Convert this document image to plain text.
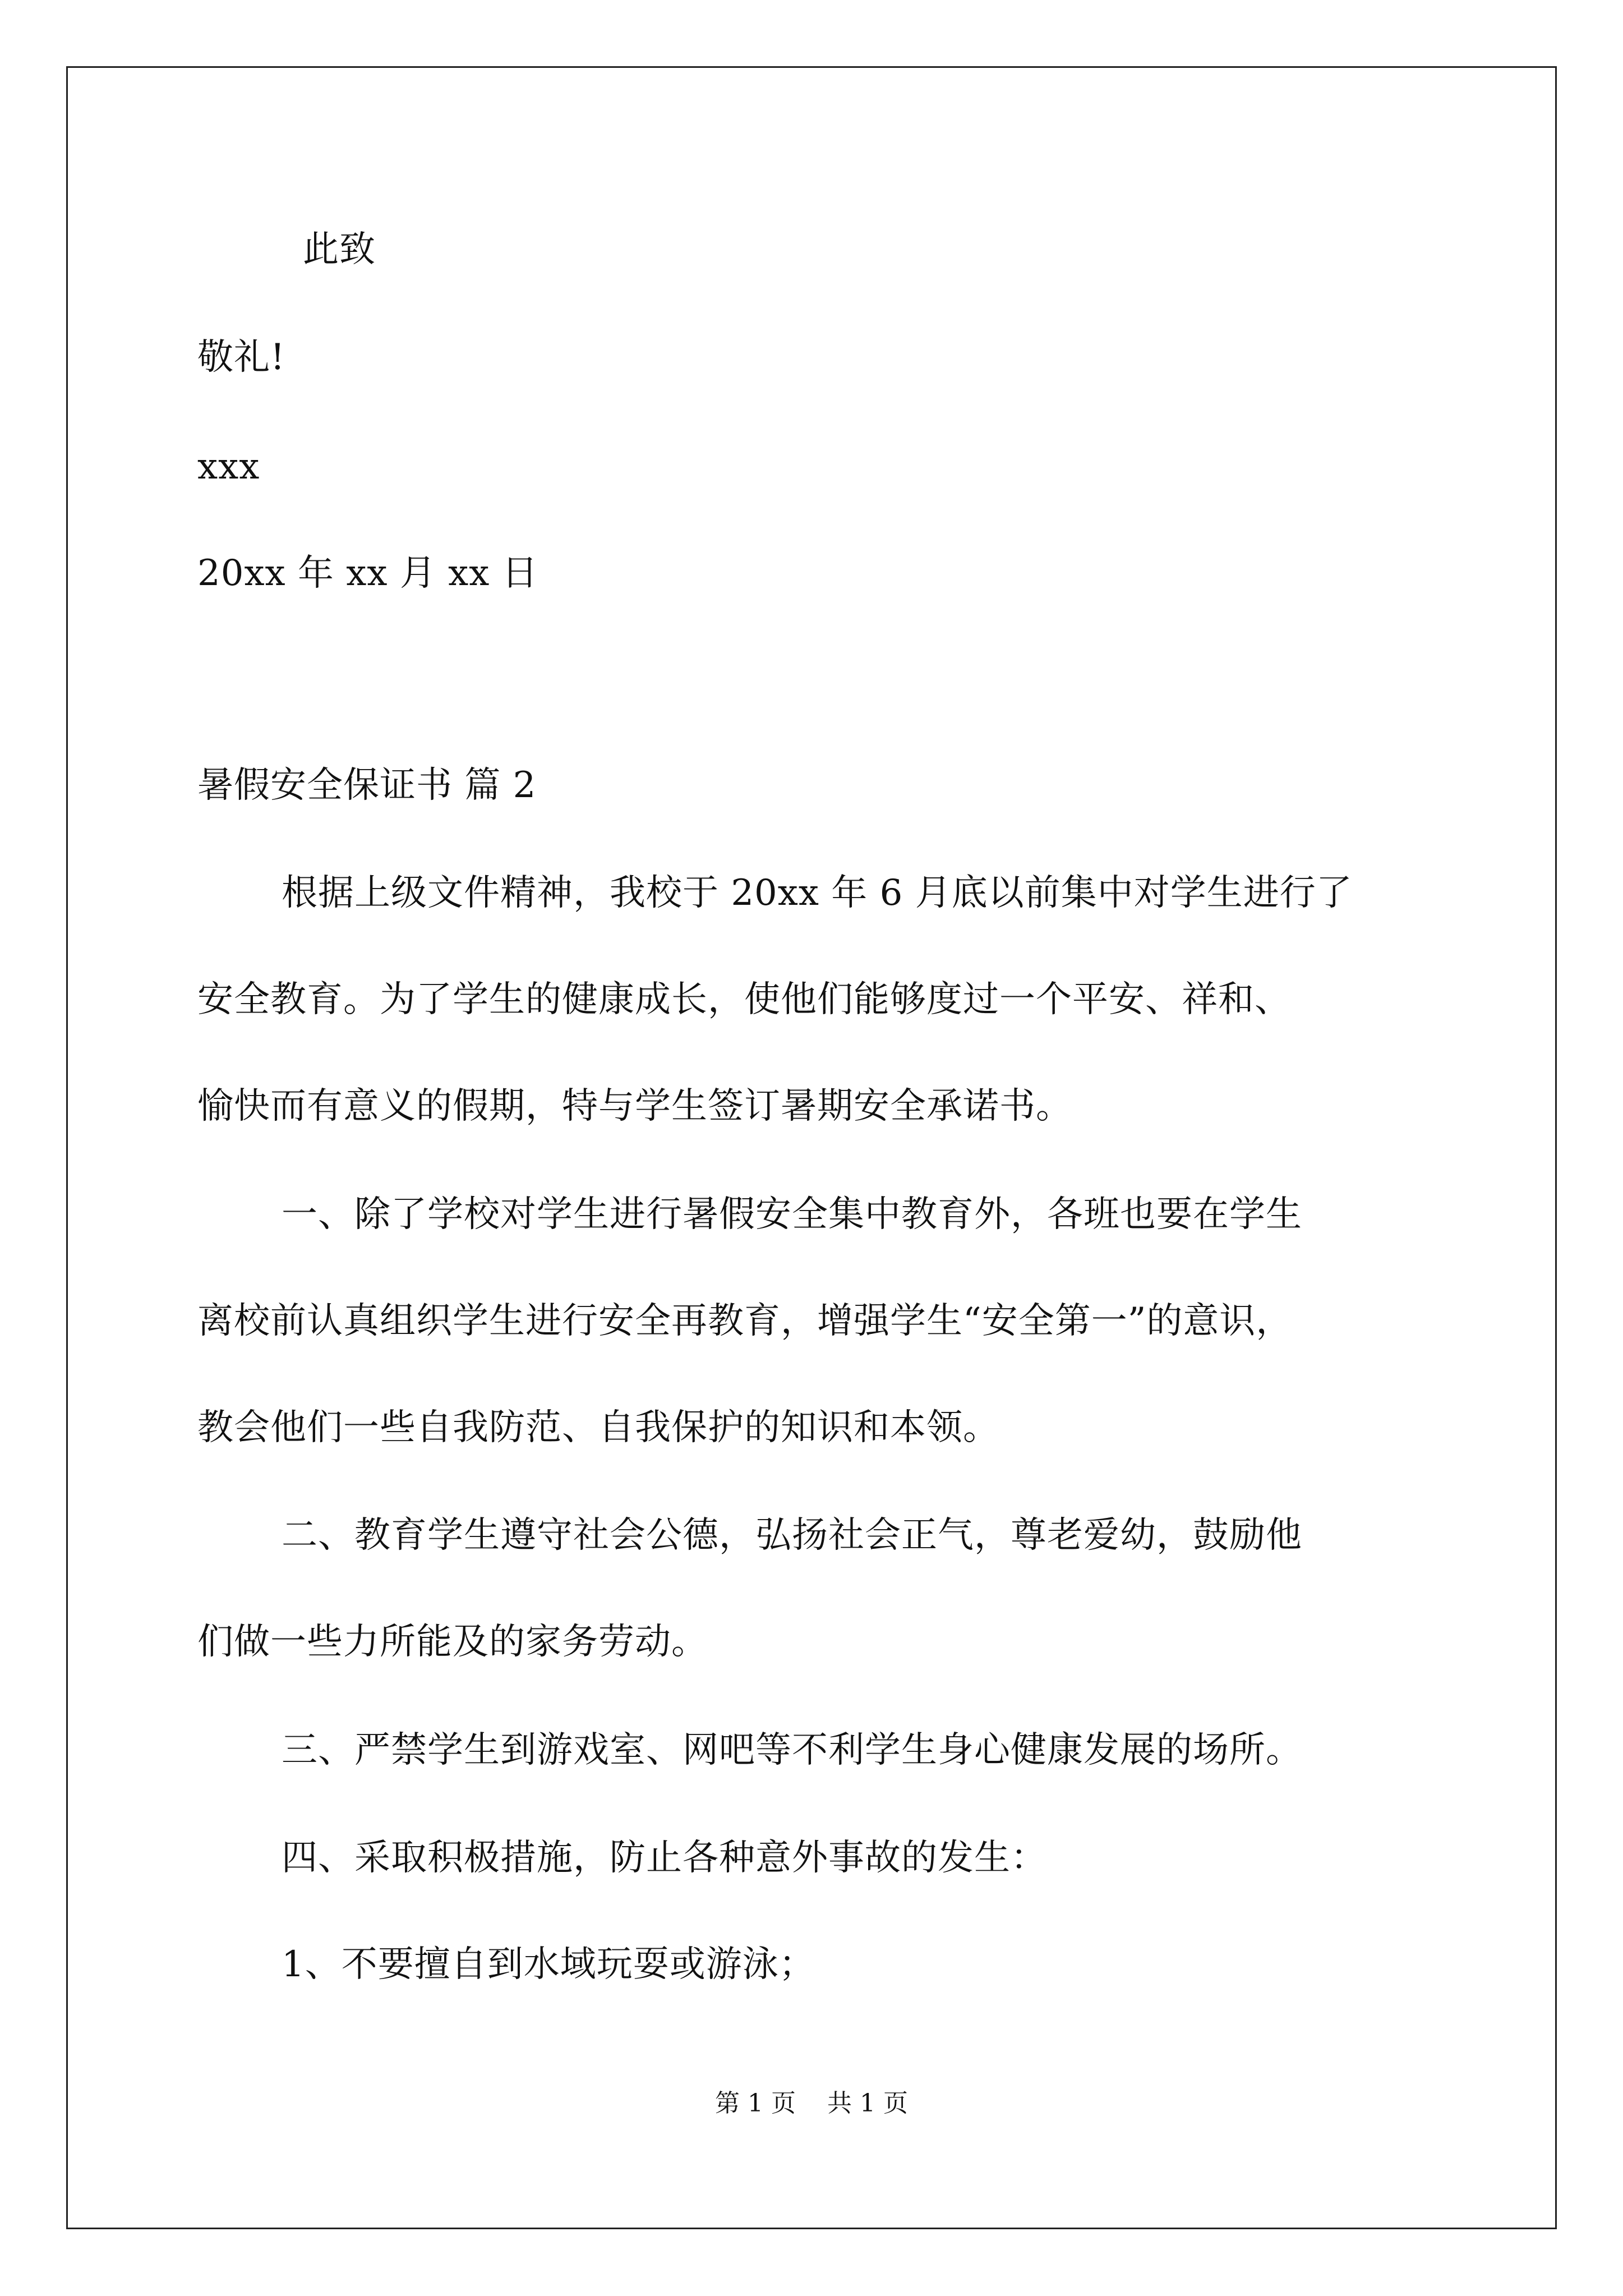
此致
敬礼!
xxx
20xx 年 xx 月 xx 日
暑假安全保证书 篇 2
根据上级文件精神，我校于 20xx 年 6 月底以前集中对学生进行了
安全教育。为了学生的健康成长，使他们能够度过一个平安、祥和、
愉快而有意义的假期，特与学生签订暑期安全承诺书。
一、除了学校对学生进行暑假安全集中教育外，各班也要在学生
离校前认真组织学生进行安全再教育，增强学生“安全第一”的意识，
教会他们一些自我防范、自我保护的知识和本领。
二、教育学生遵守社会公德，弘扬社会正气，尊老爱幼，鼓励他
们做一些力所能及的家务劳动。
三、严禁学生到游戏室、网吧等不利学生身心健康发展的场所。
四、采取积极措施，防止各种意外事故的发生：
1、不要擅自到水域玩耍或游泳；
第 1 页 共 1 页
